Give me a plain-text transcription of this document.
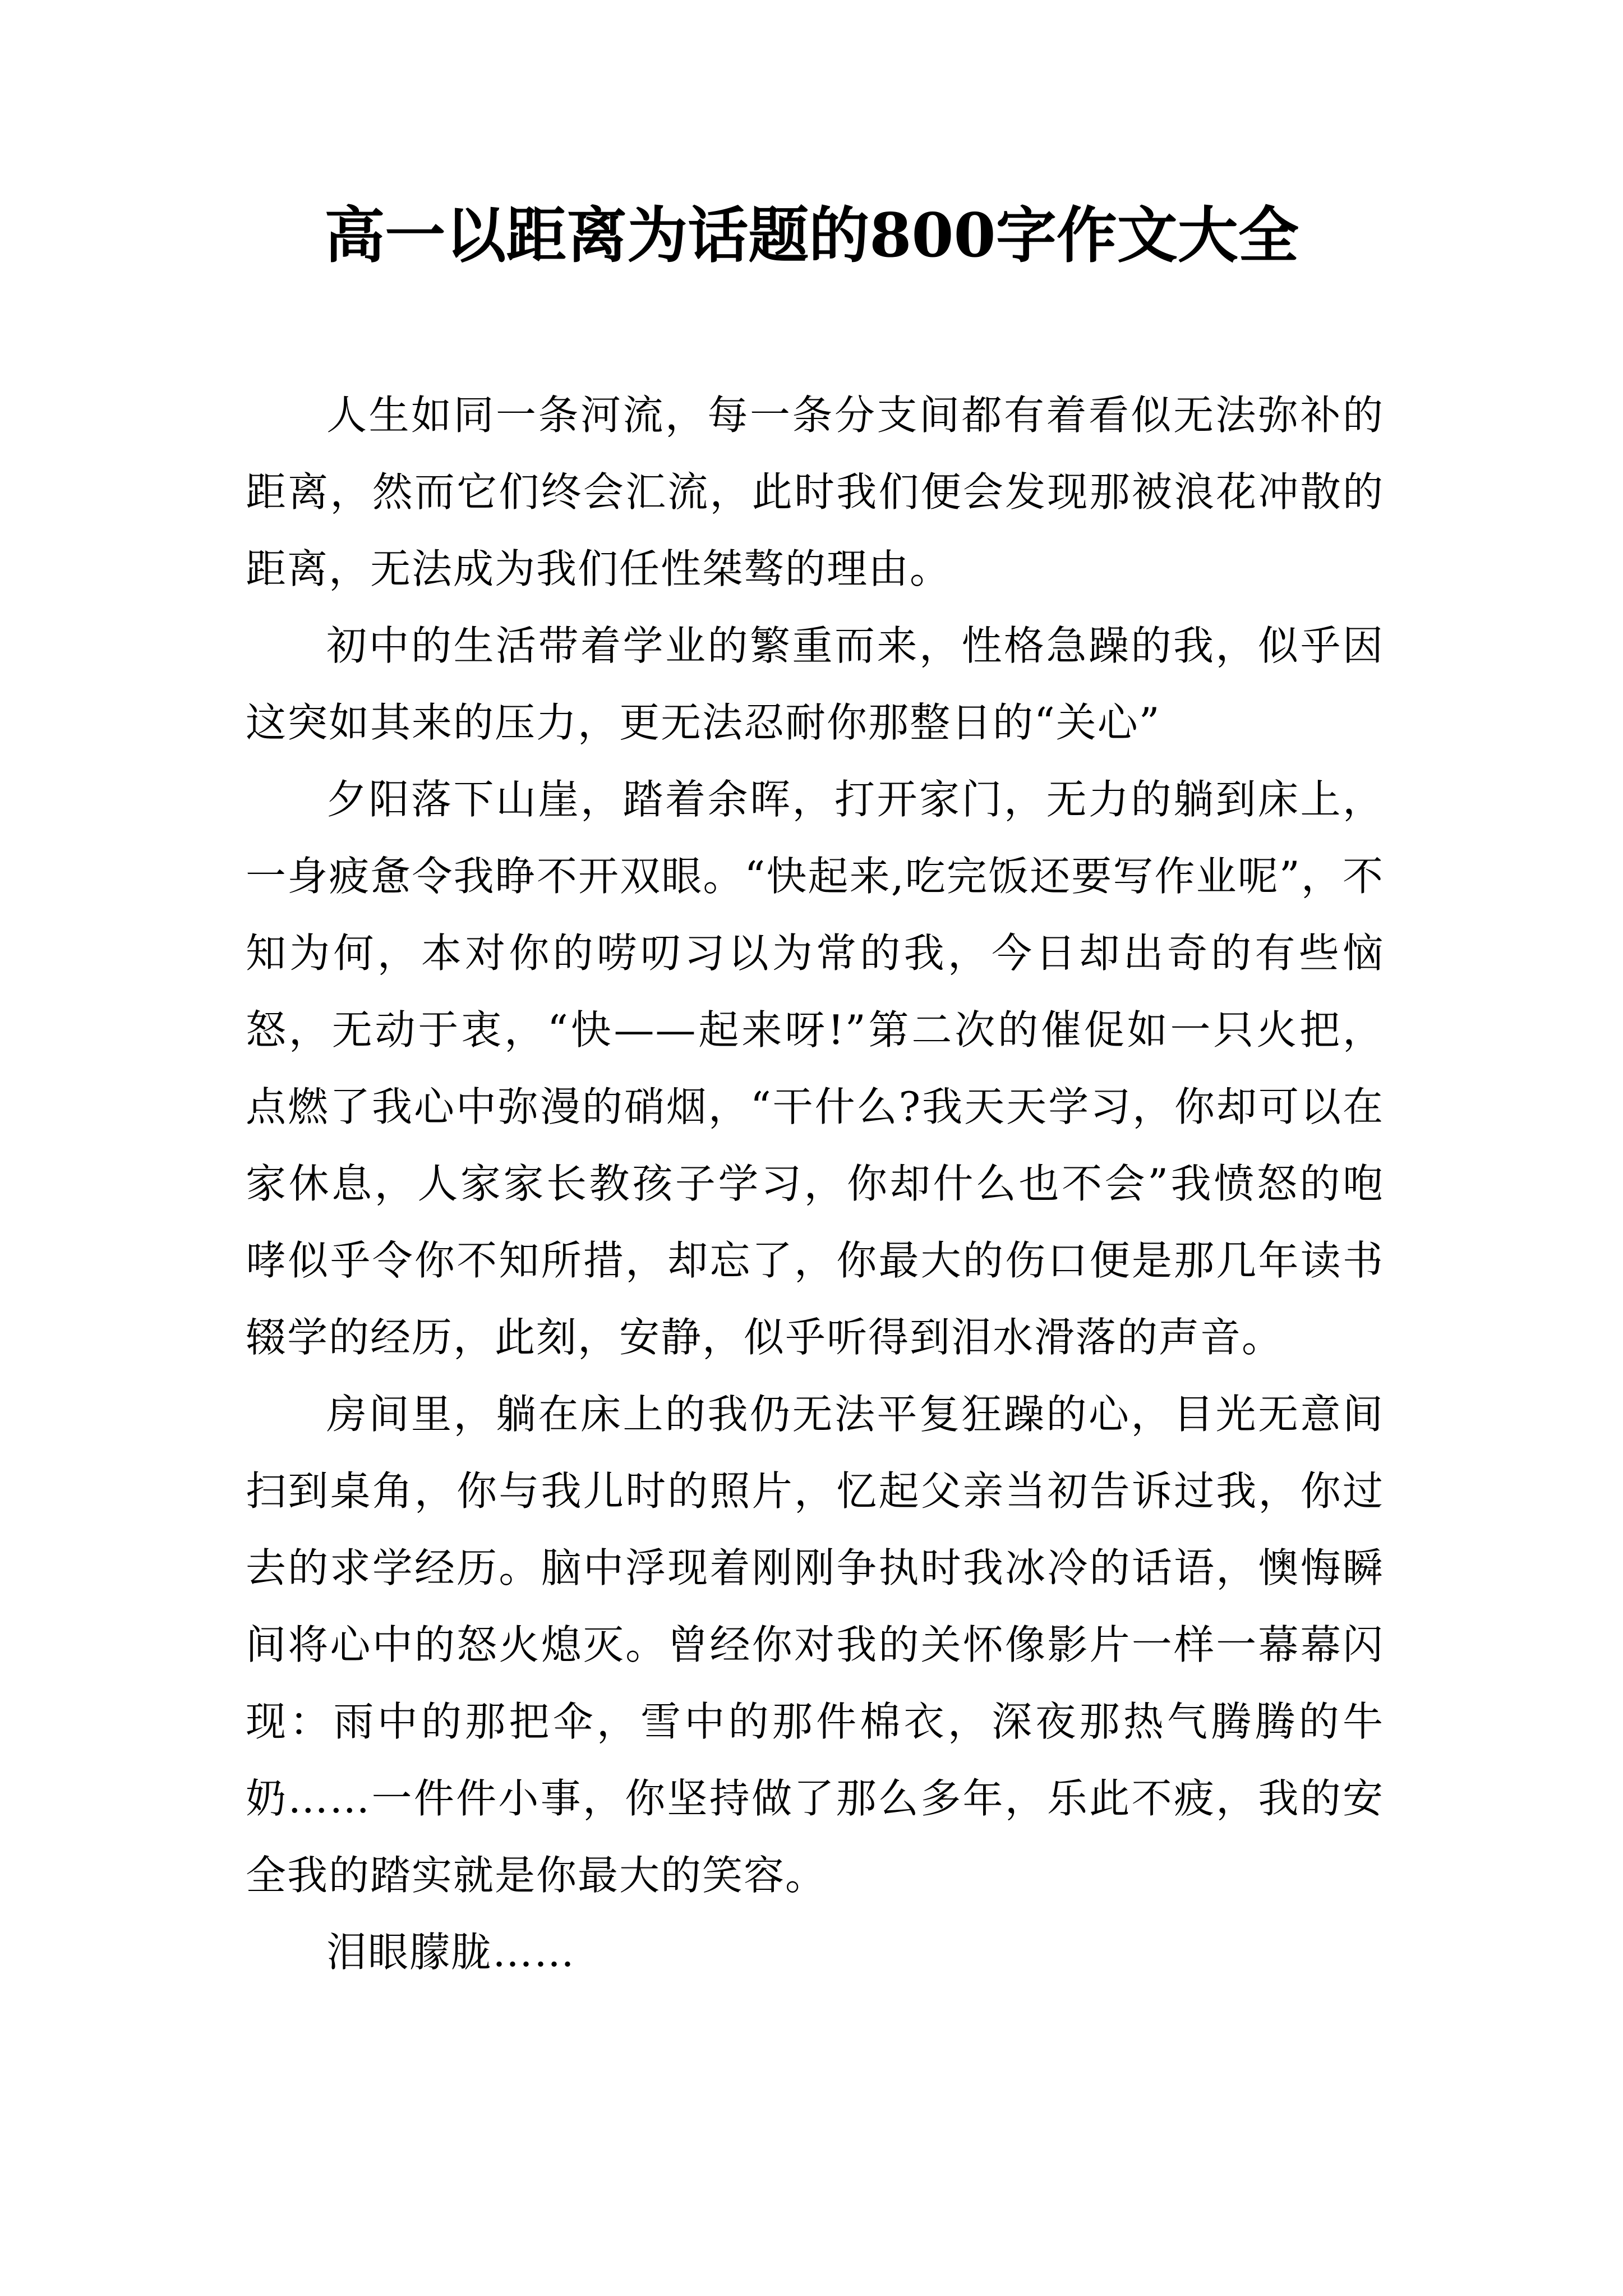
高一以距离为话题的800字作文大全

人生如同一条河流，每一条分支间都有着看似无法弥补的距离，然而它们终会汇流，此时我们便会发现那被浪花冲散的距离，无法成为我们任性桀骜的理由。

初中的生活带着学业的繁重而来，性格急躁的我，似乎因这突如其来的压力，更无法忍耐你那整日的“关心”

夕阳落下山崖，踏着余晖，打开家门，无力的躺到床上，一身疲惫令我睁不开双眼。“快起来,吃完饭还要写作业呢”，不知为何，本对你的唠叨习以为常的我，今日却出奇的有些恼怒，无动于衷，“快——起来呀!”第二次的催促如一只火把，点燃了我心中弥漫的硝烟，“干什么?我天天学习，你却可以在家休息，人家家长教孩子学习，你却什么也不会”我愤怒的咆哮似乎令你不知所措，却忘了，你最大的伤口便是那几年读书辍学的经历，此刻，安静，似乎听得到泪水滑落的声音。

房间里，躺在床上的我仍无法平复狂躁的心，目光无意间扫到桌角，你与我儿时的照片，忆起父亲当初告诉过我，你过去的求学经历。脑中浮现着刚刚争执时我冰冷的话语，懊悔瞬间将心中的怒火熄灭。曾经你对我的关怀像影片一样一幕幕闪现：雨中的那把伞，雪中的那件棉衣，深夜那热气腾腾的牛奶……一件件小事，你坚持做了那么多年，乐此不疲，我的安全我的踏实就是你最大的笑容。

泪眼朦胧……
